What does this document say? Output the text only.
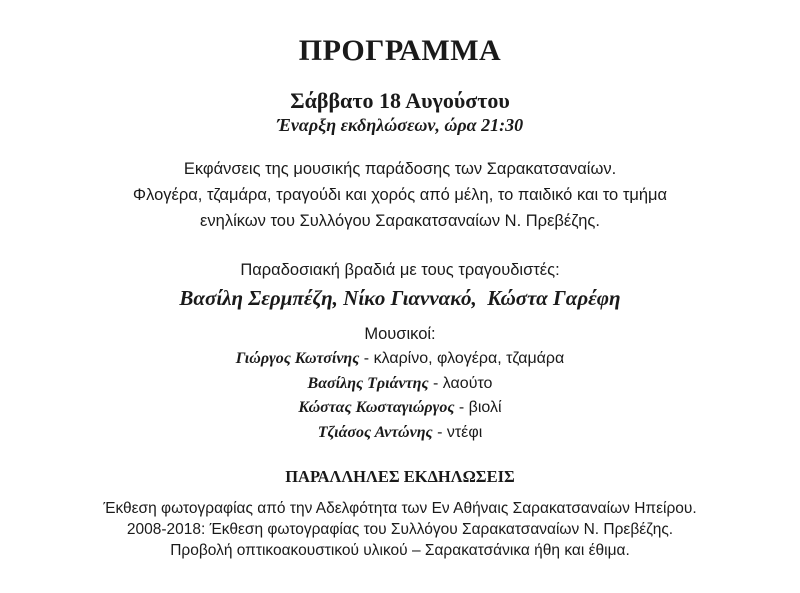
ΠΡΟΓΡΑΜΜΑ
Σάββατο 18 Αυγούστου
Έναρξη εκδηλώσεων, ώρα 21:30
Εκφάνσεις της μουσικής παράδοσης των Σαρακατσαναίων.
Φλογέρα, τζαμάρα, τραγούδι και χορός από μέλη, το παιδικό και το τμήμα
ενηλίκων του Συλλόγου Σαρακατσαναίων Ν. Πρεβέζης.
Παραδοσιακή βραδιά με τους τραγουδιστές:
Βασίλη Σερμπέζη, Νίκο Γιαννακό,  Κώστα Γαρέφη
Μουσικοί:
Γιώργος Κωτσίνης - κλαρίνο, φλογέρα, τζαμάρα
Βασίλης Τριάντης - λαούτο
Κώστας Κωσταγιώργος - βιολί
Τζιάσος Αντώνης - ντέφι
ΠΑΡΑΛΛΗΛΕΣ ΕΚΔΗΛΩΣΕΙΣ
Έκθεση φωτογραφίας από την Αδελφότητα των Εν Αθήναις Σαρακατσαναίων Ηπείρου.
2008-2018: Έκθεση φωτογραφίας του Συλλόγου Σαρακατσαναίων Ν. Πρεβέζης.
Προβολή οπτικοακουστικού υλικού – Σαρακατσάνικα ήθη και έθιμα.
